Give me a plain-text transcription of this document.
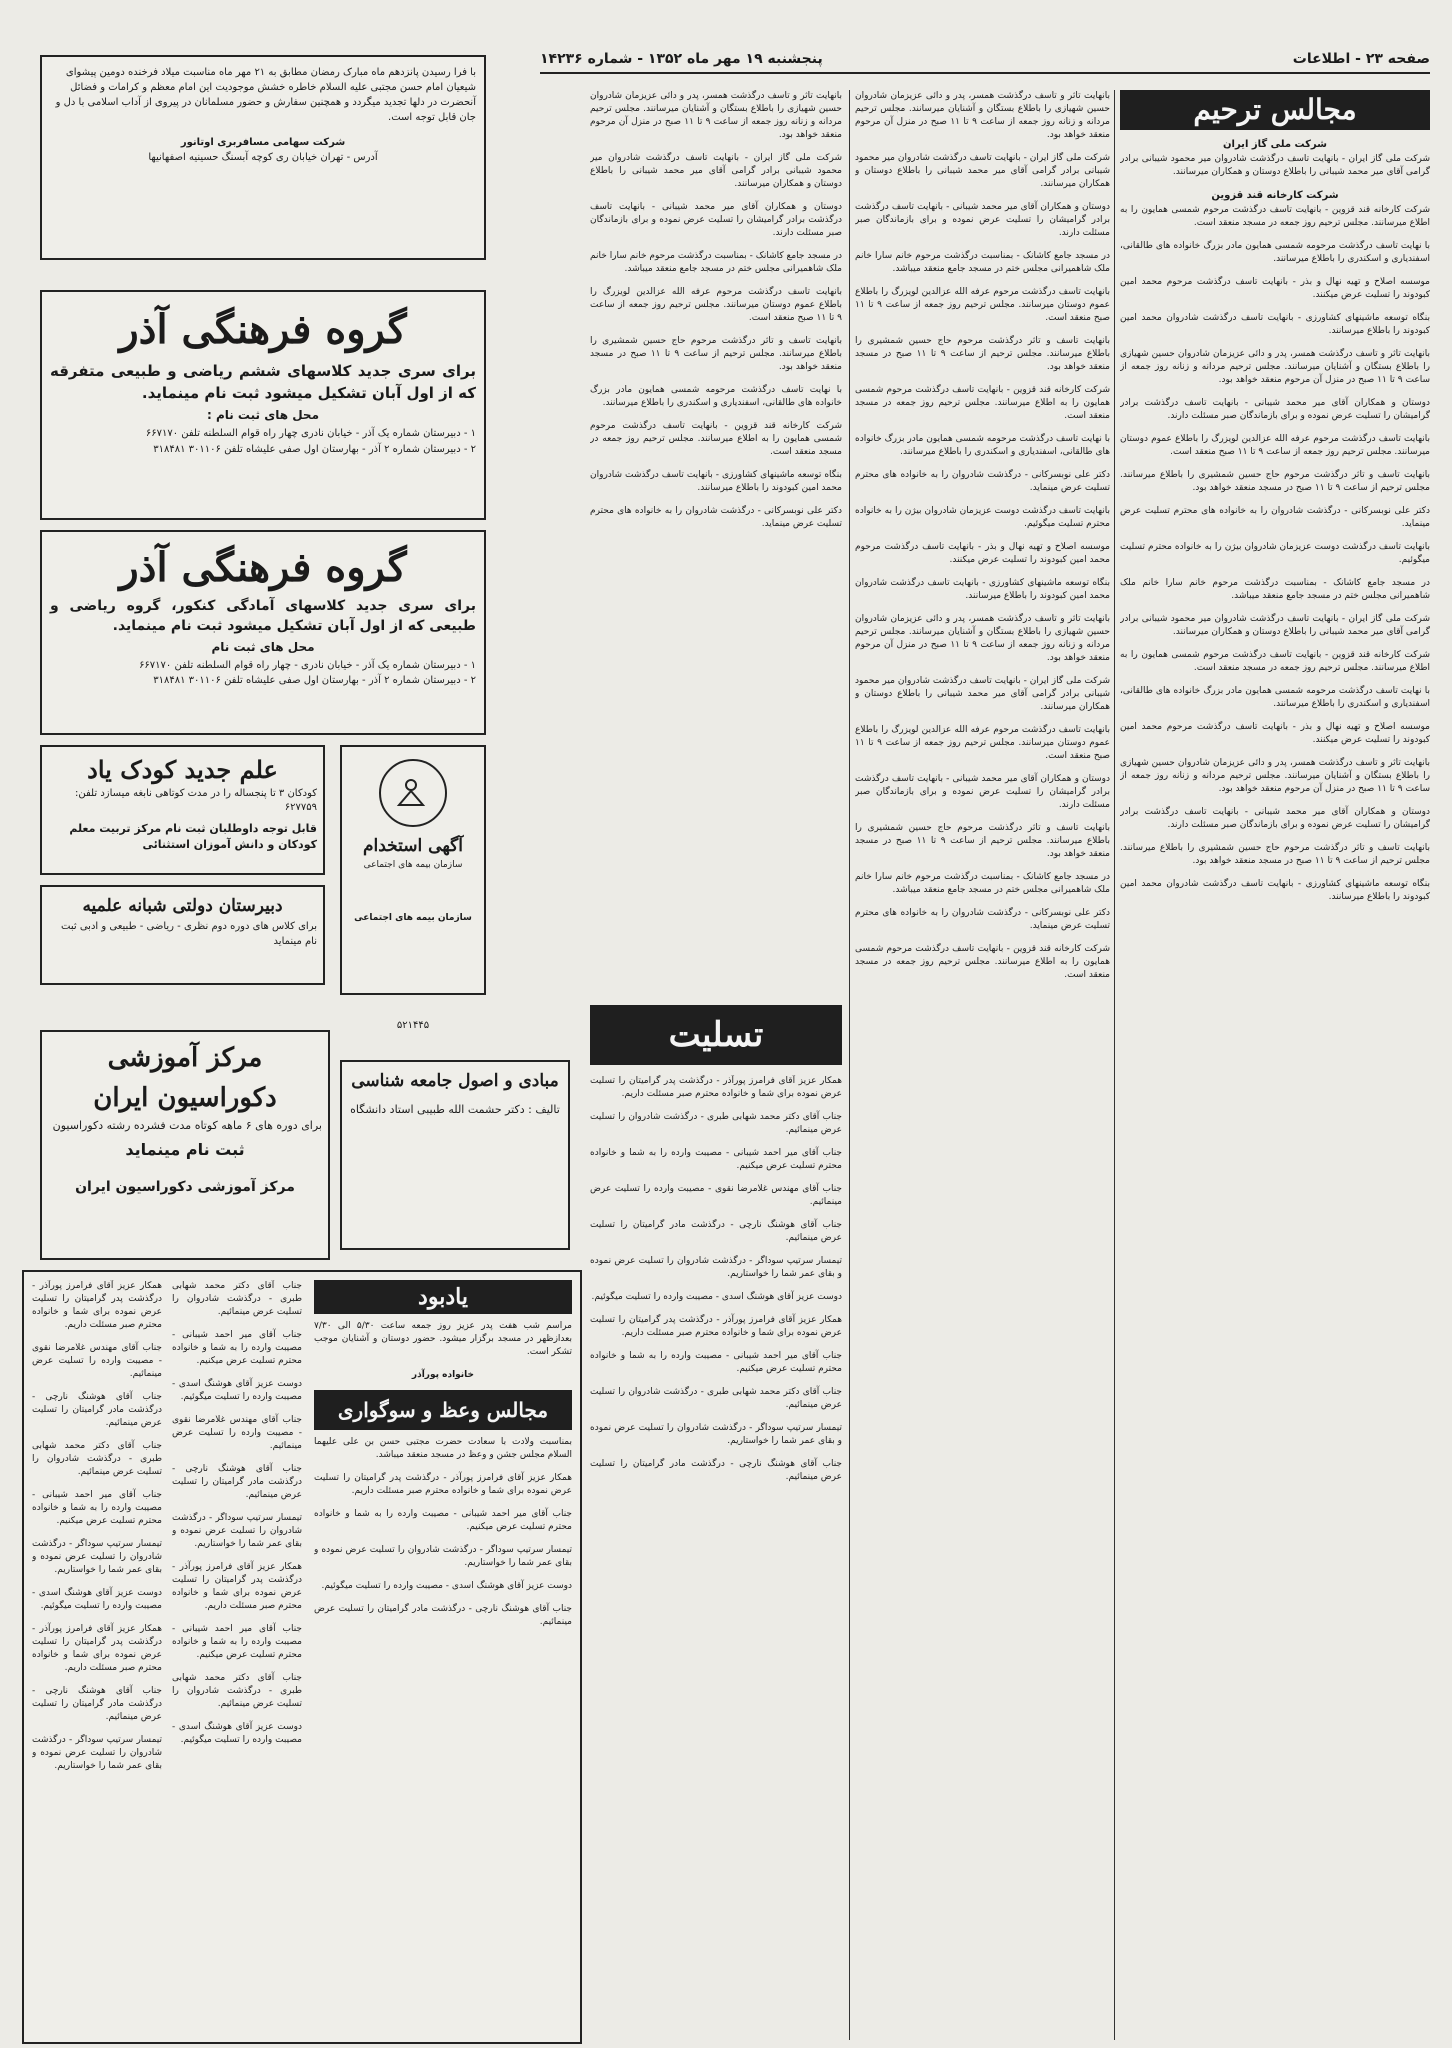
صفحه ۲۳ - اطلاعات
پنجشنبه ۱۹ مهر ماه ۱۳۵۲ - شماره ۱۴۲۳۶
مجالس ترحیم
شرکت ملی گاز ایران
شرکت ملی گاز ایران - بانهایت تاسف درگذشت شادروان میر محمود شیبانی برادر گرامی آقای میر محمد شیبانی را باطلاع دوستان و همکاران میرسانند.
شرکت کارخانه قند قزوین
شرکت کارخانه قند قزوین - بانهایت تاسف درگذشت مرحوم شمسی همایون را به اطلاع میرسانند. مجلس ترحیم روز جمعه در مسجد منعقد است.
با نهایت تاسف درگذشت مرحومه شمسی همایون مادر بزرگ خانواده های طالقانی، اسفندیاری و اسکندری را باطلاع میرسانند.
موسسه اصلاح و تهیه نهال و بذر - بانهایت تاسف درگذشت مرحوم محمد امین کبودوند را تسلیت عرض میکنند.
بنگاه توسعه ماشینهای کشاورزی - بانهایت تاسف درگذشت شادروان محمد امین کبودوند را باطلاع میرسانند.
بانهایت تاثر و تاسف درگذشت همسر، پدر و دائی عزیزمان شادروان حسین شهیازی را باطلاع بستگان و آشنایان میرسانند. مجلس ترحیم مردانه و زنانه روز جمعه از ساعت ۹ تا ۱۱ صبح در منزل آن مرحوم منعقد خواهد بود.
دوستان و همکاران آقای میر محمد شیبانی - بانهایت تاسف درگذشت برادر گرامیشان را تسلیت عرض نموده و برای بازماندگان صبر مسئلت دارند.
بانهایت تاسف درگذشت مرحوم عرفه الله عزالدین لویزرگ را باطلاع عموم دوستان میرسانند. مجلس ترحیم روز جمعه از ساعت ۹ تا ۱۱ صبح منعقد است.
بانهایت تاسف و تاثر درگذشت مرحوم حاج حسین شمشیری را باطلاع میرسانند. مجلس ترحیم از ساعت ۹ تا ۱۱ صبح در مسجد منعقد خواهد بود.
دکتر علی نوبسرکانی - درگذشت شادروان را به خانواده های محترم تسلیت عرض مینماید.
بانهایت تاسف درگذشت دوست عزیزمان شادروان بیژن را به خانواده محترم تسلیت میگوئیم.
در مسجد جامع کاشانک - بمناسبت درگذشت مرحوم خانم سارا خانم ملک شاهمیرانی مجلس ختم در مسجد جامع منعقد میباشد.
شرکت ملی گاز ایران - بانهایت تاسف درگذشت شادروان میر محمود شیبانی برادر گرامی آقای میر محمد شیبانی را باطلاع دوستان و همکاران میرسانند.
شرکت کارخانه قند قزوین - بانهایت تاسف درگذشت مرحوم شمسی همایون را به اطلاع میرسانند. مجلس ترحیم روز جمعه در مسجد منعقد است.
با نهایت تاسف درگذشت مرحومه شمسی همایون مادر بزرگ خانواده های طالقانی، اسفندیاری و اسکندری را باطلاع میرسانند.
موسسه اصلاح و تهیه نهال و بذر - بانهایت تاسف درگذشت مرحوم محمد امین کبودوند را تسلیت عرض میکنند.
بانهایت تاثر و تاسف درگذشت همسر، پدر و دائی عزیزمان شادروان حسین شهیازی را باطلاع بستگان و آشنایان میرسانند. مجلس ترحیم مردانه و زنانه روز جمعه از ساعت ۹ تا ۱۱ صبح در منزل آن مرحوم منعقد خواهد بود.
دوستان و همکاران آقای میر محمد شیبانی - بانهایت تاسف درگذشت برادر گرامیشان را تسلیت عرض نموده و برای بازماندگان صبر مسئلت دارند.
بانهایت تاسف و تاثر درگذشت مرحوم حاج حسین شمشیری را باطلاع میرسانند. مجلس ترحیم از ساعت ۹ تا ۱۱ صبح در مسجد منعقد خواهد بود.
بنگاه توسعه ماشینهای کشاورزی - بانهایت تاسف درگذشت شادروان محمد امین کبودوند را باطلاع میرسانند.
بانهایت تاثر و تاسف درگذشت همسر، پدر و دائی عزیزمان شادروان حسین شهیازی را باطلاع بستگان و آشنایان میرسانند. مجلس ترحیم مردانه و زنانه روز جمعه از ساعت ۹ تا ۱۱ صبح در منزل آن مرحوم منعقد خواهد بود.
شرکت ملی گاز ایران - بانهایت تاسف درگذشت شادروان میر محمود شیبانی برادر گرامی آقای میر محمد شیبانی را باطلاع دوستان و همکاران میرسانند.
دوستان و همکاران آقای میر محمد شیبانی - بانهایت تاسف درگذشت برادر گرامیشان را تسلیت عرض نموده و برای بازماندگان صبر مسئلت دارند.
در مسجد جامع کاشانک - بمناسبت درگذشت مرحوم خانم سارا خانم ملک شاهمیرانی مجلس ختم در مسجد جامع منعقد میباشد.
بانهایت تاسف درگذشت مرحوم عرفه الله عزالدین لویزرگ را باطلاع عموم دوستان میرسانند. مجلس ترحیم روز جمعه از ساعت ۹ تا ۱۱ صبح منعقد است.
بانهایت تاسف و تاثر درگذشت مرحوم حاج حسین شمشیری را باطلاع میرسانند. مجلس ترحیم از ساعت ۹ تا ۱۱ صبح در مسجد منعقد خواهد بود.
شرکت کارخانه قند قزوین - بانهایت تاسف درگذشت مرحوم شمسی همایون را به اطلاع میرسانند. مجلس ترحیم روز جمعه در مسجد منعقد است.
با نهایت تاسف درگذشت مرحومه شمسی همایون مادر بزرگ خانواده های طالقانی، اسفندیاری و اسکندری را باطلاع میرسانند.
دکتر علی نوبسرکانی - درگذشت شادروان را به خانواده های محترم تسلیت عرض مینماید.
بانهایت تاسف درگذشت دوست عزیزمان شادروان بیژن را به خانواده محترم تسلیت میگوئیم.
موسسه اصلاح و تهیه نهال و بذر - بانهایت تاسف درگذشت مرحوم محمد امین کبودوند را تسلیت عرض میکنند.
بنگاه توسعه ماشینهای کشاورزی - بانهایت تاسف درگذشت شادروان محمد امین کبودوند را باطلاع میرسانند.
بانهایت تاثر و تاسف درگذشت همسر، پدر و دائی عزیزمان شادروان حسین شهیازی را باطلاع بستگان و آشنایان میرسانند. مجلس ترحیم مردانه و زنانه روز جمعه از ساعت ۹ تا ۱۱ صبح در منزل آن مرحوم منعقد خواهد بود.
شرکت ملی گاز ایران - بانهایت تاسف درگذشت شادروان میر محمود شیبانی برادر گرامی آقای میر محمد شیبانی را باطلاع دوستان و همکاران میرسانند.
بانهایت تاسف درگذشت مرحوم عرفه الله عزالدین لویزرگ را باطلاع عموم دوستان میرسانند. مجلس ترحیم روز جمعه از ساعت ۹ تا ۱۱ صبح منعقد است.
دوستان و همکاران آقای میر محمد شیبانی - بانهایت تاسف درگذشت برادر گرامیشان را تسلیت عرض نموده و برای بازماندگان صبر مسئلت دارند.
بانهایت تاسف و تاثر درگذشت مرحوم حاج حسین شمشیری را باطلاع میرسانند. مجلس ترحیم از ساعت ۹ تا ۱۱ صبح در مسجد منعقد خواهد بود.
در مسجد جامع کاشانک - بمناسبت درگذشت مرحوم خانم سارا خانم ملک شاهمیرانی مجلس ختم در مسجد جامع منعقد میباشد.
دکتر علی نوبسرکانی - درگذشت شادروان را به خانواده های محترم تسلیت عرض مینماید.
شرکت کارخانه قند قزوین - بانهایت تاسف درگذشت مرحوم شمسی همایون را به اطلاع میرسانند. مجلس ترحیم روز جمعه در مسجد منعقد است.
بانهایت تاثر و تاسف درگذشت همسر، پدر و دائی عزیزمان شادروان حسین شهیازی را باطلاع بستگان و آشنایان میرسانند. مجلس ترحیم مردانه و زنانه روز جمعه از ساعت ۹ تا ۱۱ صبح در منزل آن مرحوم منعقد خواهد بود.
شرکت ملی گاز ایران - بانهایت تاسف درگذشت شادروان میر محمود شیبانی برادر گرامی آقای میر محمد شیبانی را باطلاع دوستان و همکاران میرسانند.
دوستان و همکاران آقای میر محمد شیبانی - بانهایت تاسف درگذشت برادر گرامیشان را تسلیت عرض نموده و برای بازماندگان صبر مسئلت دارند.
در مسجد جامع کاشانک - بمناسبت درگذشت مرحوم خانم سارا خانم ملک شاهمیرانی مجلس ختم در مسجد جامع منعقد میباشد.
بانهایت تاسف درگذشت مرحوم عرفه الله عزالدین لویزرگ را باطلاع عموم دوستان میرسانند. مجلس ترحیم روز جمعه از ساعت ۹ تا ۱۱ صبح منعقد است.
بانهایت تاسف و تاثر درگذشت مرحوم حاج حسین شمشیری را باطلاع میرسانند. مجلس ترحیم از ساعت ۹ تا ۱۱ صبح در مسجد منعقد خواهد بود.
با نهایت تاسف درگذشت مرحومه شمسی همایون مادر بزرگ خانواده های طالقانی، اسفندیاری و اسکندری را باطلاع میرسانند.
شرکت کارخانه قند قزوین - بانهایت تاسف درگذشت مرحوم شمسی همایون را به اطلاع میرسانند. مجلس ترحیم روز جمعه در مسجد منعقد است.
بنگاه توسعه ماشینهای کشاورزی - بانهایت تاسف درگذشت شادروان محمد امین کبودوند را باطلاع میرسانند.
دکتر علی نوبسرکانی - درگذشت شادروان را به خانواده های محترم تسلیت عرض مینماید.
تسلیت
همکار عزیز آقای فرامرز پورآذر - درگذشت پدر گرامیتان را تسلیت عرض نموده برای شما و خانواده محترم صبر مسئلت داریم.
جناب آقای دکتر محمد شهابی طبری - درگذشت شادروان را تسلیت عرض مینمائیم.
جناب آقای میر احمد شیبانی - مصیبت وارده را به شما و خانواده محترم تسلیت عرض میکنیم.
جناب آقای مهندس غلامرضا نقوی - مصیبت وارده را تسلیت عرض مینمائیم.
جناب آقای هوشنگ نارچی - درگذشت مادر گرامیتان را تسلیت عرض مینمائیم.
تیمسار سرتیپ سوداگر - درگذشت شادروان را تسلیت عرض نموده و بقای عمر شما را خواستاریم.
دوست عزیز آقای هوشنگ اسدی - مصیبت وارده را تسلیت میگوئیم.
همکار عزیز آقای فرامرز پورآذر - درگذشت پدر گرامیتان را تسلیت عرض نموده برای شما و خانواده محترم صبر مسئلت داریم.
جناب آقای میر احمد شیبانی - مصیبت وارده را به شما و خانواده محترم تسلیت عرض میکنیم.
جناب آقای دکتر محمد شهابی طبری - درگذشت شادروان را تسلیت عرض مینمائیم.
تیمسار سرتیپ سوداگر - درگذشت شادروان را تسلیت عرض نموده و بقای عمر شما را خواستاریم.
جناب آقای هوشنگ نارچی - درگذشت مادر گرامیتان را تسلیت عرض مینمائیم.
همکار عزیز آقای فرامرز پورآذر - درگذشت پدر گرامیتان را تسلیت عرض نموده برای شما و خانواده محترم صبر مسئلت داریم.
جناب آقای مهندس غلامرضا نقوی - مصیبت وارده را تسلیت عرض مینمائیم.
جناب آقای هوشنگ نارچی - درگذشت مادر گرامیتان را تسلیت عرض مینمائیم.
جناب آقای دکتر محمد شهابی طبری - درگذشت شادروان را تسلیت عرض مینمائیم.
جناب آقای میر احمد شیبانی - مصیبت وارده را به شما و خانواده محترم تسلیت عرض میکنیم.
تیمسار سرتیپ سوداگر - درگذشت شادروان را تسلیت عرض نموده و بقای عمر شما را خواستاریم.
دوست عزیز آقای هوشنگ اسدی - مصیبت وارده را تسلیت میگوئیم.
همکار عزیز آقای فرامرز پورآذر - درگذشت پدر گرامیتان را تسلیت عرض نموده برای شما و خانواده محترم صبر مسئلت داریم.
جناب آقای هوشنگ نارچی - درگذشت مادر گرامیتان را تسلیت عرض مینمائیم.
تیمسار سرتیپ سوداگر - درگذشت شادروان را تسلیت عرض نموده و بقای عمر شما را خواستاریم.
جناب آقای دکتر محمد شهابی طبری - درگذشت شادروان را تسلیت عرض مینمائیم.
جناب آقای میر احمد شیبانی - مصیبت وارده را به شما و خانواده محترم تسلیت عرض میکنیم.
دوست عزیز آقای هوشنگ اسدی - مصیبت وارده را تسلیت میگوئیم.
جناب آقای مهندس غلامرضا نقوی - مصیبت وارده را تسلیت عرض مینمائیم.
جناب آقای هوشنگ نارچی - درگذشت مادر گرامیتان را تسلیت عرض مینمائیم.
تیمسار سرتیپ سوداگر - درگذشت شادروان را تسلیت عرض نموده و بقای عمر شما را خواستاریم.
همکار عزیز آقای فرامرز پورآذر - درگذشت پدر گرامیتان را تسلیت عرض نموده برای شما و خانواده محترم صبر مسئلت داریم.
جناب آقای میر احمد شیبانی - مصیبت وارده را به شما و خانواده محترم تسلیت عرض میکنیم.
جناب آقای دکتر محمد شهابی طبری - درگذشت شادروان را تسلیت عرض مینمائیم.
دوست عزیز آقای هوشنگ اسدی - مصیبت وارده را تسلیت میگوئیم.
یادبود
مراسم شب هفت پدر عزیز روز جمعه ساعت ۵/۳۰ الی ۷/۳۰ بعدازظهر در مسجد برگزار میشود. حضور دوستان و آشنایان موجب تشکر است.
خانواده پورآذر
مجالس وعظ و سوگواری
بمناسبت ولادت با سعادت حضرت مجتبی حسن بن علی علیهما السلام مجلس جشن و وعظ در مسجد منعقد میباشد.
همکار عزیز آقای فرامرز پورآذر - درگذشت پدر گرامیتان را تسلیت عرض نموده برای شما و خانواده محترم صبر مسئلت داریم.
جناب آقای میر احمد شیبانی - مصیبت وارده را به شما و خانواده محترم تسلیت عرض میکنیم.
تیمسار سرتیپ سوداگر - درگذشت شادروان را تسلیت عرض نموده و بقای عمر شما را خواستاریم.
دوست عزیز آقای هوشنگ اسدی - مصیبت وارده را تسلیت میگوئیم.
جناب آقای هوشنگ نارچی - درگذشت مادر گرامیتان را تسلیت عرض مینمائیم.
با فرا رسیدن پانزدهم ماه مبارک رمضان مطابق به ۲۱ مهر ماه مناسبت میلاد فرخنده دومین پیشوای شیعیان امام حسن مجتبی علیه السلام خاطره خشش موجودیت این امام معظم و کرامات و فضائل آنحضرت در دلها تجدید میگردد و همچنین سفارش و حضور مسلمانان در پیروی از آداب اسلامی با دل و جان قابل توجه است.
شرکت سهامی مسافربری اوتانور
آدرس - تهران خیابان ری کوچه آبسنگ حسینیه اصفهانیها
گروه فرهنگی آذر
برای سری جدید کلاسهای ششم ریاضی و طبیعی متفرقه که از اول آبان تشکیل میشود ثبت نام مینماید.
محل های ثبت نام :
۱ - دبیرستان شماره یک آذر - خیابان نادری چهار راه قوام السلطنه تلفن ۶۶۷۱۷۰
۲ - دبیرستان شماره ۲ آذر - بهارستان اول صفی علیشاه تلفن ۳۰۱۱۰۶ ۳۱۸۴۸۱
گروه فرهنگی آذر
برای سری جدید کلاسهای آمادگی کنکور، گروه ریاضی و طبیعی که از اول آبان تشکیل میشود ثبت نام مینماید.
محل های ثبت نام
۱ - دبیرستان شماره یک آذر - خیابان نادری - چهار راه قوام السلطنه تلفن ۶۶۷۱۷۰
۲ - دبیرستان شماره ۲ آذر - بهارستان اول صفی علیشاه تلفن ۳۰۱۱۰۶ ۳۱۸۴۸۱
علم جدید کودک یاد
کودکان ۳ تا پنجساله را در مدت کوتاهی نابغه میسازد تلفن: ۶۲۷۷۵۹
قابل توجه داوطلبان ثبت نام مرکز تربیت معلم کودکان و دانش آموزان استثنائی	آگهی استخدام
سازمان بیمه های اجتماعی
سازمان بیمه های اجتماعی
دبیرستان دولتی شبانه علمیه
برای کلاس های دوره دوم نظری - ریاضی - طبیعی و ادبی ثبت نام مینماید
مرکز آموزشی دکوراسیون ایران
برای دوره های ۶ ماهه کوتاه مدت فشرده رشته دکوراسیون
ثبت نام مینماید
مرکز آموزشی دکوراسیون ایران
مبادی و اصول جامعه شناسی
تالیف : دکتر حشمت الله طبیبی استاد دانشگاه
۵۲۱۴۴۵
